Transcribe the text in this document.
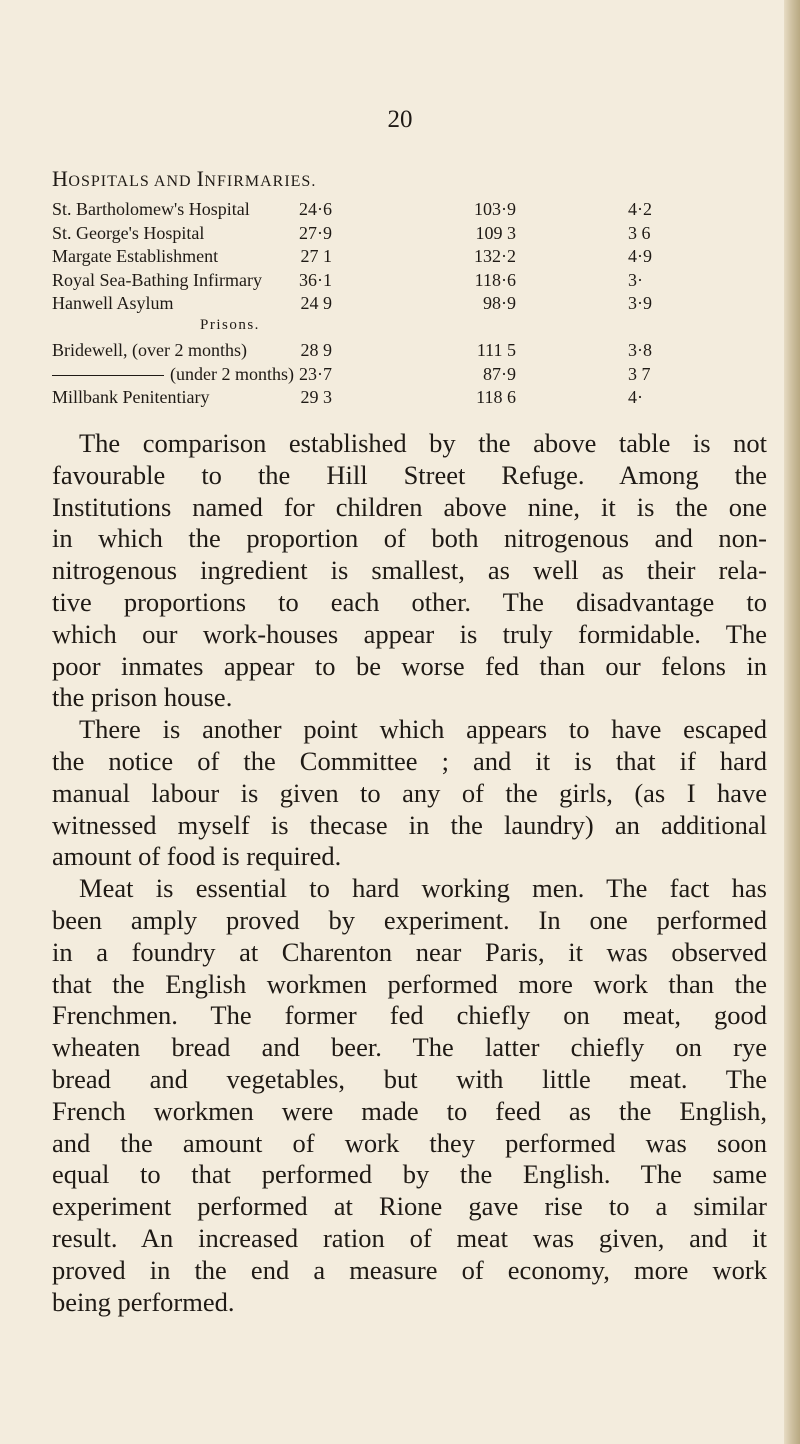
20
HOSPITALS AND INFIRMARIES.
St. Bartholomew's Hospital	24·6	103·9	4·2
St. George's Hospital	27·9	109 3	3 6
Margate Establishment	27 1	132·2	4·9
Royal Sea-Bathing Infirmary 36·1	118·6	3·
Hanwell Asylum	24 9	98·9	3·9
Prisons.
Bridewell, (over 2 months)	28 9	111 5	3·8
(under 2 months) 23·7	87·9	3 7
Millbank Penitentiary	29 3	118 6	4·
The comparison established by the above table is not
favourable to the Hill Street Refuge. Among the
Institutions named for children above nine, it is the one
in which the proportion of both nitrogenous and non-
nitrogenous ingredient is smallest, as well as their rela-
tive proportions to each other. The disadvantage to
which our work-houses appear is truly formidable. The
poor inmates appear to be worse fed than our felons in
the prison house.
There is another point which appears to have escaped
the notice of the Committee ; and it is that if hard
manual labour is given to any of the girls, (as I have
witnessed myself is thecase in the laundry) an additional
amount of food is required.
Meat is essential to hard working men. The fact has
been amply proved by experiment. In one performed
in a foundry at Charenton near Paris, it was observed
that the English workmen performed more work than the
Frenchmen. The former fed chiefly on meat, good
wheaten bread and beer. The latter chiefly on rye
bread and vegetables, but with little meat. The
French workmen were made to feed as the English,
and the amount of work they performed was soon
equal to that performed by the English. The same
experiment performed at Rione gave rise to a similar
result. An increased ration of meat was given, and it
proved in the end a measure of economy, more work
being performed.
